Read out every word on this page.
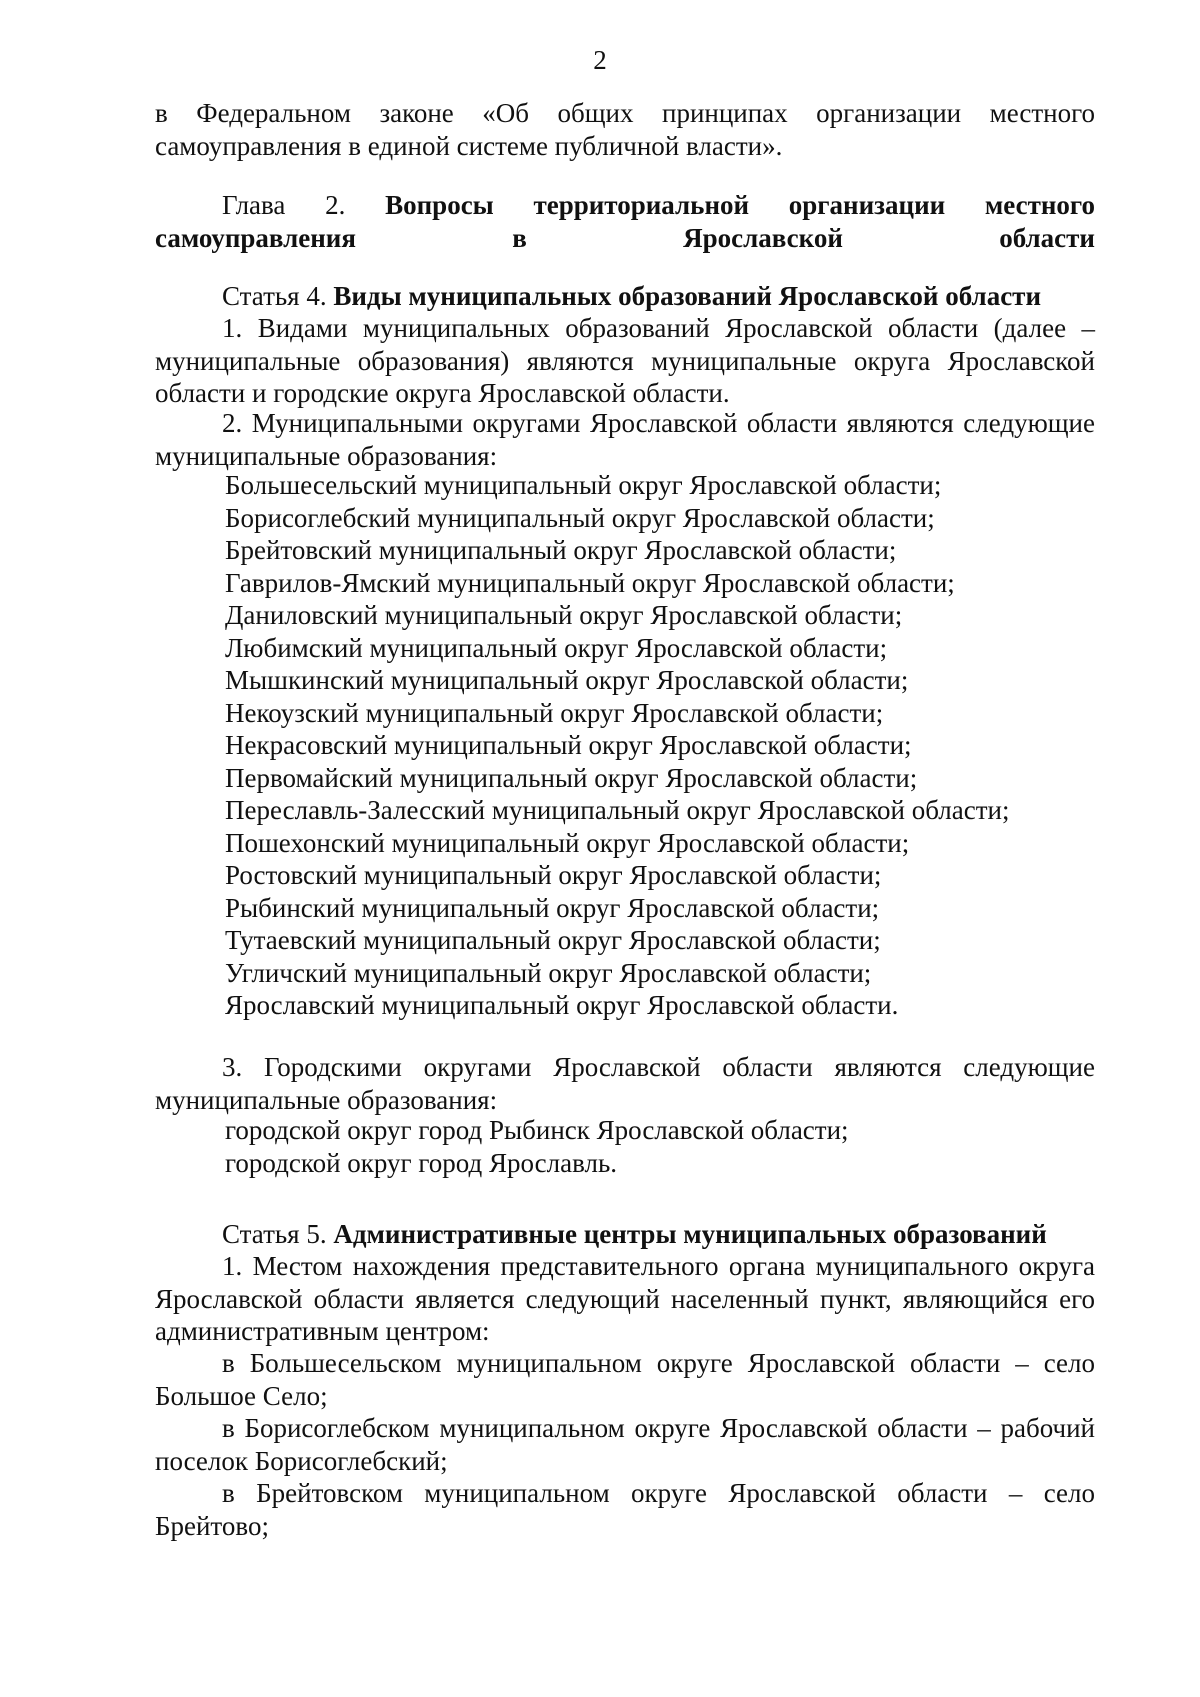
2

в Федеральном законе «Об общих принципах организации местного самоуправления в единой системе публичной власти».

Глава 2. Вопросы территориальной организации местного самоуправления в Ярославской области

Статья 4. Виды муниципальных образований Ярославской области

1. Видами муниципальных образований Ярославской области (далее – муниципальные образования) являются муниципальные округа Ярославской области и городские округа Ярославской области.

2. Муниципальными округами Ярославской области являются следующие муниципальные образования:

Большесельский муниципальный округ Ярославской области;
Борисоглебский муниципальный округ Ярославской области;
Брейтовский муниципальный округ Ярославской области;
Гаврилов-Ямский муниципальный округ Ярославской области;
Даниловский муниципальный округ Ярославской области;
Любимский муниципальный округ Ярославской области;
Мышкинский муниципальный округ Ярославской области;
Некоузский муниципальный округ Ярославской области;
Некрасовский муниципальный округ Ярославской области;
Первомайский муниципальный округ Ярославской области;
Переславль-Залесский муниципальный округ Ярославской области;
Пошехонский муниципальный округ Ярославской области;
Ростовский муниципальный округ Ярославской области;
Рыбинский муниципальный округ Ярославской области;
Тутаевский муниципальный округ Ярославской области;
Угличский муниципальный округ Ярославской области;
Ярославский муниципальный округ Ярославской области.

3. Городскими округами Ярославской области являются следующие муниципальные образования:

городской округ город Рыбинск Ярославской области;
городской округ город Ярославль.

Статья 5. Административные центры муниципальных образований

1. Местом нахождения представительного органа муниципального округа Ярославской области является следующий населенный пункт, являющийся его административным центром:

в Большесельском муниципальном округе Ярославской области – село Большое Село;

в Борисоглебском муниципальном округе Ярославской области – рабочий поселок Борисоглебский;

в Брейтовском муниципальном округе Ярославской области – село Брейтово;
